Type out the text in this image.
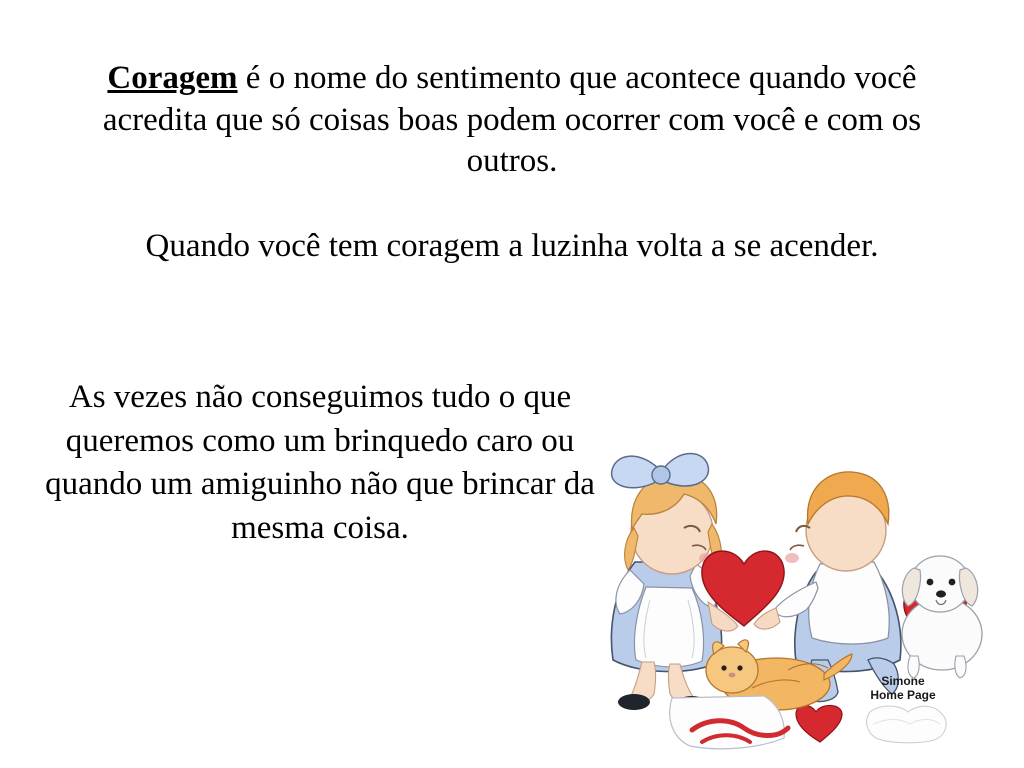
Coragem é o nome do sentimento que acontece quando você acredita que só coisas boas podem ocorrer com você e com os outros.
Quando você tem coragem a luzinha volta a se acender.
As vezes não conseguimos tudo o que queremos como um brinquedo caro ou quando um amiguinho não que brincar da mesma coisa.
Simone
Home Page
